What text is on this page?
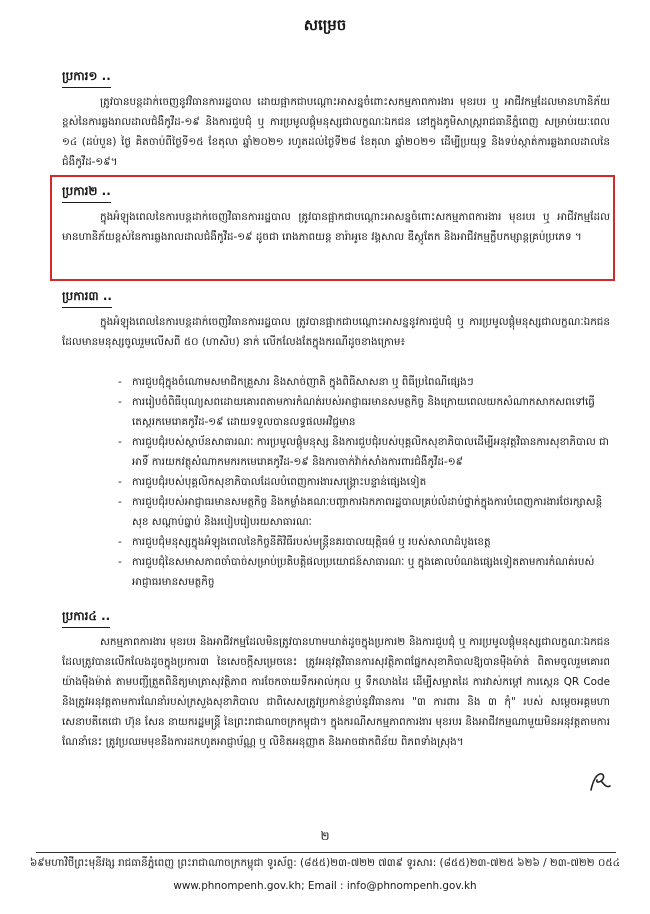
សម្រេច
ប្រការ១ ..

ត្រូវបានបន្តដាក់ចេញនូវវិធានការរដ្ឋបាល ដោយផ្អាកជាបណ្ដោះអាសន្នចំពោះសកម្មភាពការងារ មុខរបរ ឬ អាជីវកម្មដែលមានហានិភ័យខ្ពស់នៃការឆ្លងរាលដាលជំងឺកូវីដ-១៩ និងការជួបជុំ ឬ ការប្រមូលផ្ដុំមនុស្សជាលក្ខណៈឯកជន នៅក្នុងភូមិសាស្ត្ររាជធានីភ្នំពេញ សម្រាប់រយៈពេល ១៤ (ដប់បួន) ថ្ងៃ គិតចាប់ពីថ្ងៃទី១៥ ខែតុលា ឆ្នាំ២០២១ រហូតដល់ថ្ងៃទី២៨ ខែតុលា ឆ្នាំ២០២១ ដើម្បីប្រយុទ្ធ និងទប់ស្កាត់ការឆ្លងរាលដាលនៃជំងឺកូវីដ-១៩។

ប្រការ២ ..

ក្នុងអំឡុងពេលនៃការបន្តដាក់ចេញវិធានការរដ្ឋបាល ត្រូវបានផ្អាកជាបណ្ដោះអាសន្នចំពោះសកម្មភាពការងារ មុខរបរ ឬ អាជីវកម្មដែលមានហានិភ័យខ្ពស់នៃការឆ្លងរាលដាលជំងឺកូវីដ-១៩ ដូចជា រោងភាពយន្ត ខារ៉ាអូខេ វង្គសាល ឌីស្កូតែក និងអាជីវកម្មក្លឹបកម្សាន្តគ្រប់ប្រភេទ ។

ប្រការ៣ ..

ក្នុងអំឡុងពេលនៃការបន្តដាក់ចេញវិធានការរដ្ឋបាល ត្រូវបានផ្អាកជាបណ្ដោះអាសន្ននូវការជួបជុំ ឬ ការប្រមូលផ្ដុំមនុស្សជាលក្ខណៈឯកជនដែលមានមនុស្សចូលរួមលើសពី ៥០ (ហាសិប) នាក់ លើកលែងតែក្នុងករណីដូចខាងក្រោម៖

- ការជួបជុំក្នុងចំណោមសមាជិកគ្រួសារ និងសាច់ញាតិ ក្នុងពិធីសាសនា ឬ ពិធីប្រពៃណីផ្សេងៗ
- ការរៀបចំពិធីបុណ្យសពដោយគោរពតាមការកំណត់របស់អាជ្ញាធរមានសមត្ថកិច្ច និងក្រោយពេលយកសំណាកសាកសពទៅធ្វើតេស្តរកមេរោគកូវីដ-១៩ ដោយទទួលបានលទ្ធផលអវិជ្ជមាន
- ការជួបជុំរបស់ស្ថាប័នសាធារណៈ ការប្រមូលផ្ដុំមនុស្ស និងការជួបជុំរបស់បុគ្គលិកសុខាភិបាលដើម្បីអនុវត្តវិធានការសុខាភិបាល ជាអាទិ៍ ការយកវត្ថុសំណាកមករកមេរោគកូវីដ-១៩ និងការចាក់វ៉ាក់សាំងការពារជំងឺកូវីដ-១៩
- ការជួបជុំរបស់បុគ្គលិកសុខាភិបាលដែលបំពេញការងារសង្គ្រោះបន្ទាន់ផ្សេងទៀត
- ការជួបជុំរបស់អាជ្ញាធរមានសមត្ថកិច្ច និងកម្លាំងគណៈបញ្ជាការឯកភាពរដ្ឋបាលគ្រប់លំដាប់ថ្នាក់ក្នុងការបំពេញការងារថែរក្សាសន្តិសុខ សណ្ដាប់ធ្នាប់ និងរបៀបរៀបរយសាធារណៈ
- ការជួបជុំមនុស្សក្នុងអំឡុងពេលនៃកិច្ចនីតិវិធីរបស់មន្ត្រីនគរបាលយុត្តិធម៌ ឬ របស់សាលាដំបូងខេត្ត
- ការជួបជុំនៃសមាសភាពចាំបាច់សម្រាប់ប្រតិបត្តិផលប្រយោជន៍សាធារណៈ ឬ ក្នុងគោលបំណងផ្សេងទៀតតាមការកំណត់របស់អាជ្ញាធរមានសមត្ថកិច្ច
ប្រការ៤ ..

សកម្មភាពការងារ មុខរបរ និងអាជីវកម្មដែលមិនត្រូវបានហាមឃាត់ដូចក្នុងប្រការ២ និងការជួបជុំ ឬ ការប្រមូលផ្ដុំមនុស្សជាលក្ខណៈឯកជនដែលត្រូវបានលើកលែងដូចក្នុងប្រការ៣ នៃសេចក្ដីសម្រេចនេះ ត្រូវអនុវត្តវិធានការសុវត្ថិភាពផ្នែកសុខាភិបាលឱ្យបានម៉ឺងម៉ាត់ ពិតាមចូលរួមគោរពយ៉ាងម៉ឺងម៉ាត់ តាមបញ្ជីត្រួតពិនិត្យមាត្រាសុវត្ថិភាព ការចែកចាយទឹកអាល់កុល ឬ ទឹកលាងដៃ ដើម្បីសម្អាតដៃ ការវាស់កម្ដៅ ការស្កេន QR Code និងត្រូវអនុវត្តតាមការណែនាំរបស់ក្រសួងសុខាភិបាល ជាពិសេសត្រូវប្រកាន់ខ្ជាប់នូវវិធានការ "៣ ការពារ និង ៣ កុំ" របស់ សម្ដេចអគ្គមហាសេនាបតីតេជោ ហ៊ុន សែន នាយករដ្ឋមន្ត្រី នៃព្រះរាជាណាចក្រកម្ពុជា។ ក្នុងករណីសកម្មភាពការងារ មុខរបរ និងអាជីវកម្មណាមួយមិនអនុវត្តតាមការណែនាំនេះ ត្រូវប្រឈមមុខនឹងការដកហូតអាជ្ញាប័ណ្ណ ឬ លិខិតអនុញ្ញាត និងអាចផាកពិន័យ ពិភពទាំងស្រុង។

២
៦៩មហាវិថីព្រះមុនីវង្ស រាជធានីភ្នំពេញ ព្រះរាជាណាចក្រកម្ពុជា ទូរស័ព្ទ: (៨៥៥)២៣-៧២២ ៧៣៩ ទូរសារ: (៨៥៥)២៣-៧២៥ ៦២៦ / ២៣-៧២២ ០៥៤
www.phnompenh.gov.kh; Email : info@phnompenh.gov.kh
